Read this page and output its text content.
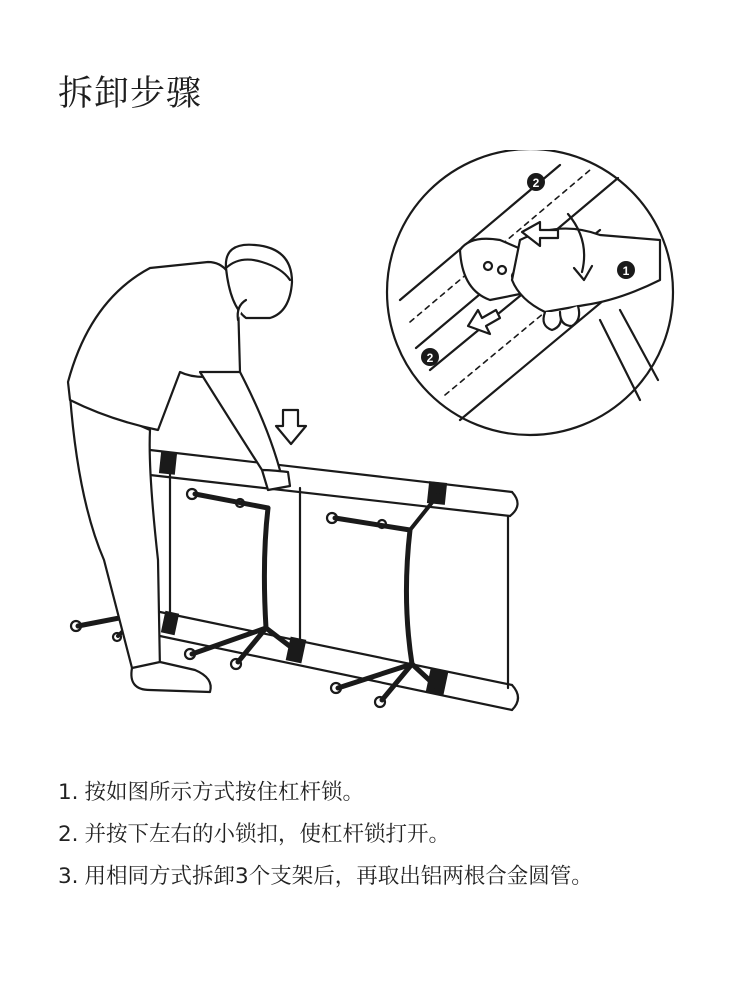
拆卸步骤
1
2
2
1. 按如图所示方式按住杠杆锁。
2. 并按下左右的小锁扣，使杠杆锁打开。
3. 用相同方式拆卸3个支架后，再取出铝两根合金圆管。
